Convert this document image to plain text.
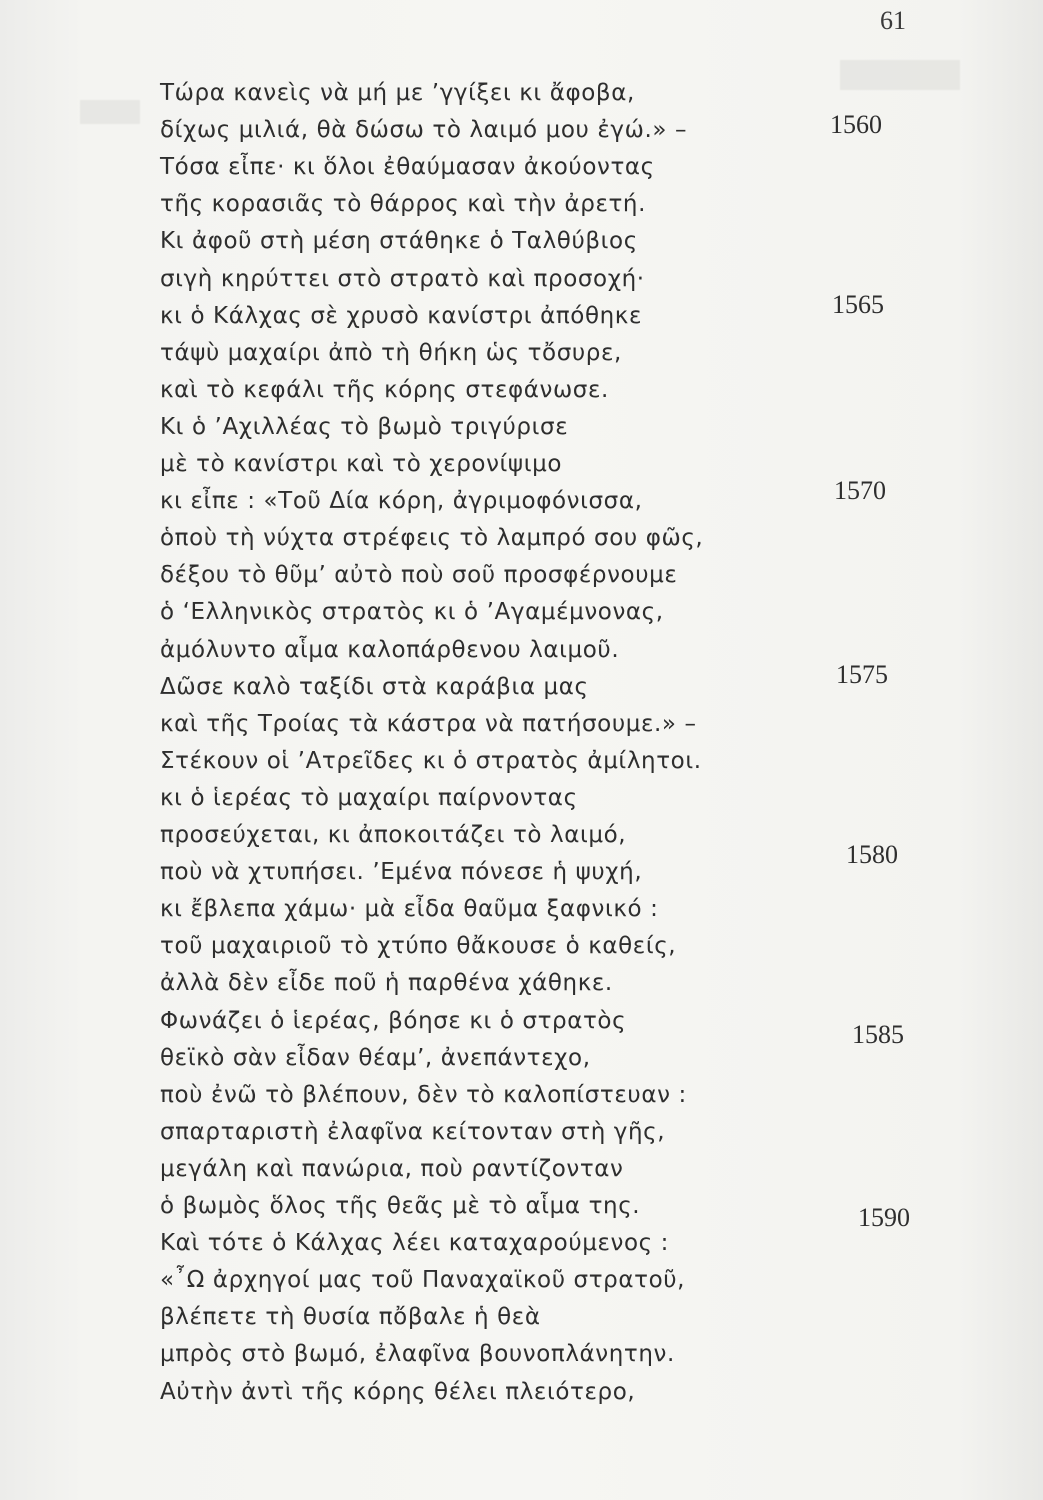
61
Τώρα κανεὶς νὰ μή με ’γγίξει κι ἄφοβα,
δίχως μιλιά, θὰ δώσω τὸ λαιμό μου ἐγώ.» –
Τόσα εἶπε· κι ὅλοι ἐθαύμασαν ἀκούοντας
τῆς κορασιᾶς τὸ θάρρος καὶ τὴν ἀρετή.
Κι ἀφοῦ στὴ μέση στάθηκε ὁ Ταλθύβιος
σιγὴ κηρύττει στὸ στρατὸ καὶ προσοχή·
κι ὁ Κάλχας σὲ χρυσὸ κανίστρι ἀπόθηκε
τάψὺ μαχαίρι ἀπὸ τὴ θήκη ὡς τὄσυρε,
καὶ τὸ κεφάλι τῆς κόρης στεφάνωσε.
Κι ὁ ’Αχιλλέας τὸ βωμὸ τριγύρισε
μὲ τὸ κανίστρι καὶ τὸ χερονίψιμο
κι εἶπε : «Τοῦ Δία κόρη, ἀγριμοφόνισσα,
ὁποὺ τὴ νύχτα στρέφεις τὸ λαμπρό σου φῶς,
δέξου τὸ θῦμ’ αὐτὸ ποὺ σοῦ προσφέρνουμε
ὁ ‘Ελληνικὸς στρατὸς κι ὁ ’Αγαμέμνονας,
ἀμόλυντο αἷμα καλοπάρθενου λαιμοῦ.
Δῶσε καλὸ ταξίδι στὰ καράβια μας
καὶ τῆς Τροίας τὰ κάστρα νὰ πατήσουμε.» –
Στέκουν οἱ ’Ατρεῖδες κι ὁ στρατὸς ἀμίλητοι.
κι ὁ ἱερέας τὸ μαχαίρι παίρνοντας
προσεύχεται, κι ἀποκοιτάζει τὸ λαιμό,
ποὺ νὰ χτυπήσει. ’Εμένα πόνεσε ἡ ψυχή,
κι ἔβλεπα χάμω· μὰ εἶδα θαῦμα ξαφνικό :
τοῦ μαχαιριοῦ τὸ χτύπο θἄκουσε ὁ καθείς,
ἀλλὰ δὲν εἶδε ποῦ ἡ παρθένα χάθηκε.
Φωνάζει ὁ ἱερέας, βόησε κι ὁ στρατὸς
θεϊκὸ σὰν εἶδαν θέαμ’, ἀνεπάντεχο,
ποὺ ἐνῶ τὸ βλέπουν, δὲν τὸ καλοπίστευαν :
σπαρταριστὴ ἐλαφῖνα κείτονταν στὴ γῆς,
μεγάλη καὶ πανώρια, ποὺ ραντίζονταν
ὁ βωμὸς ὅλος τῆς θεᾶς μὲ τὸ αἷμα της.
Καὶ τότε ὁ Κάλχας λέει καταχαρούμενος :
«῏Ω ἀρχηγοί μας τοῦ Παναχαϊκοῦ στρατοῦ,
βλέπετε τὴ θυσία πὄβαλε ἡ θεὰ
μπρὸς στὸ βωμό, ἐλαφῖνα βουνοπλάνητην.
Αὐτὴν ἀντὶ τῆς κόρης θέλει πλειότερο,
1560
1565
1570
1575
1580
1585
1590
